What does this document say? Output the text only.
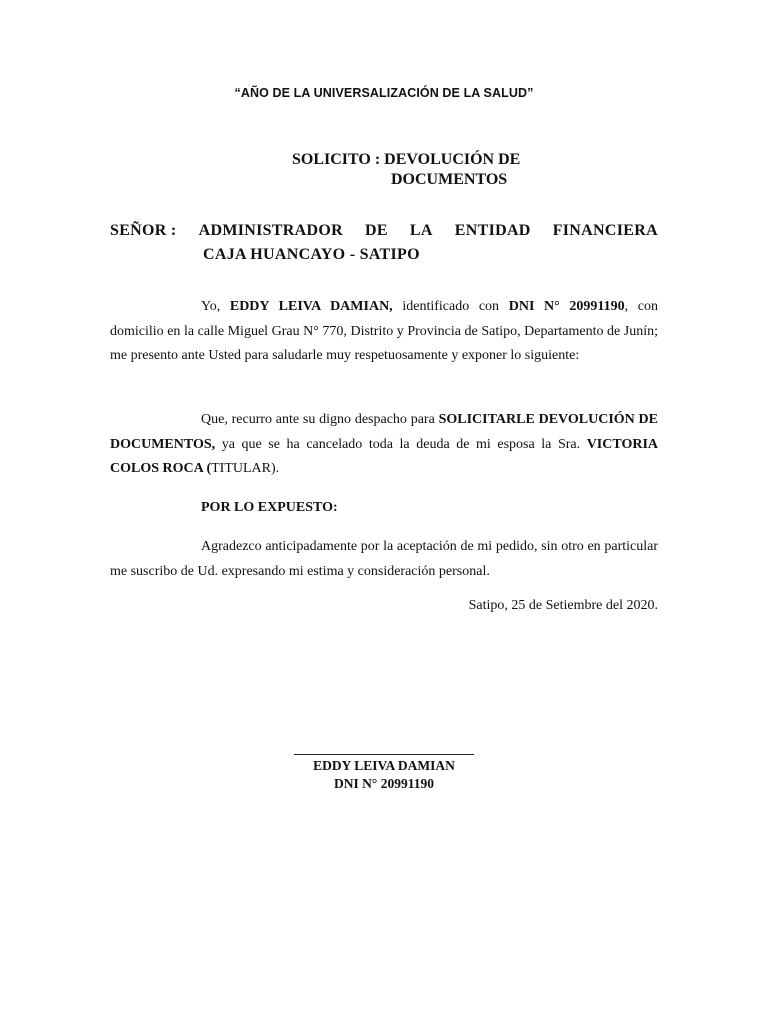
“AÑO DE LA UNIVERSALIZACIÓN DE LA SALUD”
SOLICITO : DEVOLUCIÓN DE
DOCUMENTOS
SEÑOR : ADMINISTRADOR DE LA ENTIDAD FINANCIERA
CAJA HUANCAYO - SATIPO
Yo, EDDY LEIVA DAMIAN, identificado con DNI N° 20991190, con domicilio en la calle Miguel Grau N° 770, Distrito y Provincia de Satipo, Departamento de Junín; me presento ante Usted para saludarle muy respetuosamente y exponer lo siguiente:
Que, recurro ante su digno despacho para SOLICITARLE DEVOLUCIÓN DE DOCUMENTOS, ya que se ha cancelado toda la deuda de mi esposa la Sra. VICTORIA COLOS ROCA (TITULAR).
POR LO EXPUESTO:
Agradezco anticipadamente por la aceptación de mi pedido, sin otro en particular me suscribo de Ud. expresando mi estima y consideración personal.
Satipo, 25 de Setiembre del 2020.
EDDY LEIVA DAMIAN
DNI N° 20991190
